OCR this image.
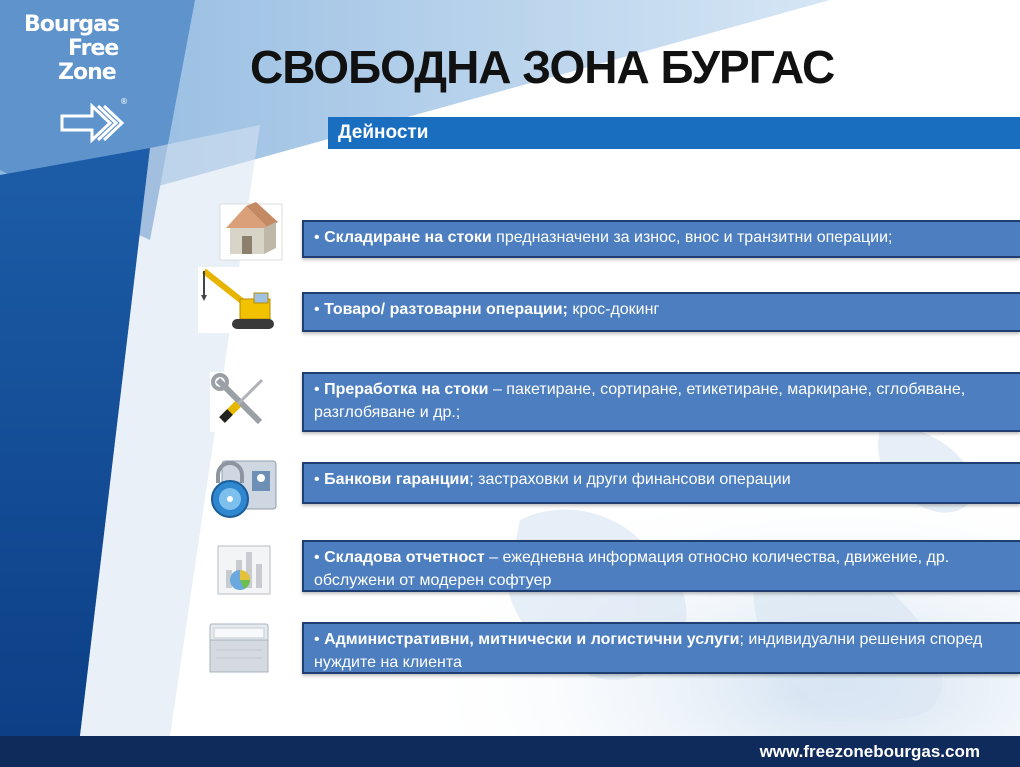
Bourgas
Free
Zone
®
СВОБОДНА ЗОНА БУРГАС
Дейности
• Складиране на стоки предназначени за износ, внос и транзитни операции;
• Товаро/ разтоварни операции; крос-докинг
• Преработка на стоки – пакетиране, сортиране, етикетиране, маркиране, сглобяване, разглобяване и др.;
• Банкови гаранции; застраховки и други финансови операции
• Складова отчетност – ежедневна информация относно количества, движение, др. обслужени от модерен софтуер
• Административни, митнически и логистични услуги; индивидуални решения според нуждите на клиента
www.freezonebourgas.com
